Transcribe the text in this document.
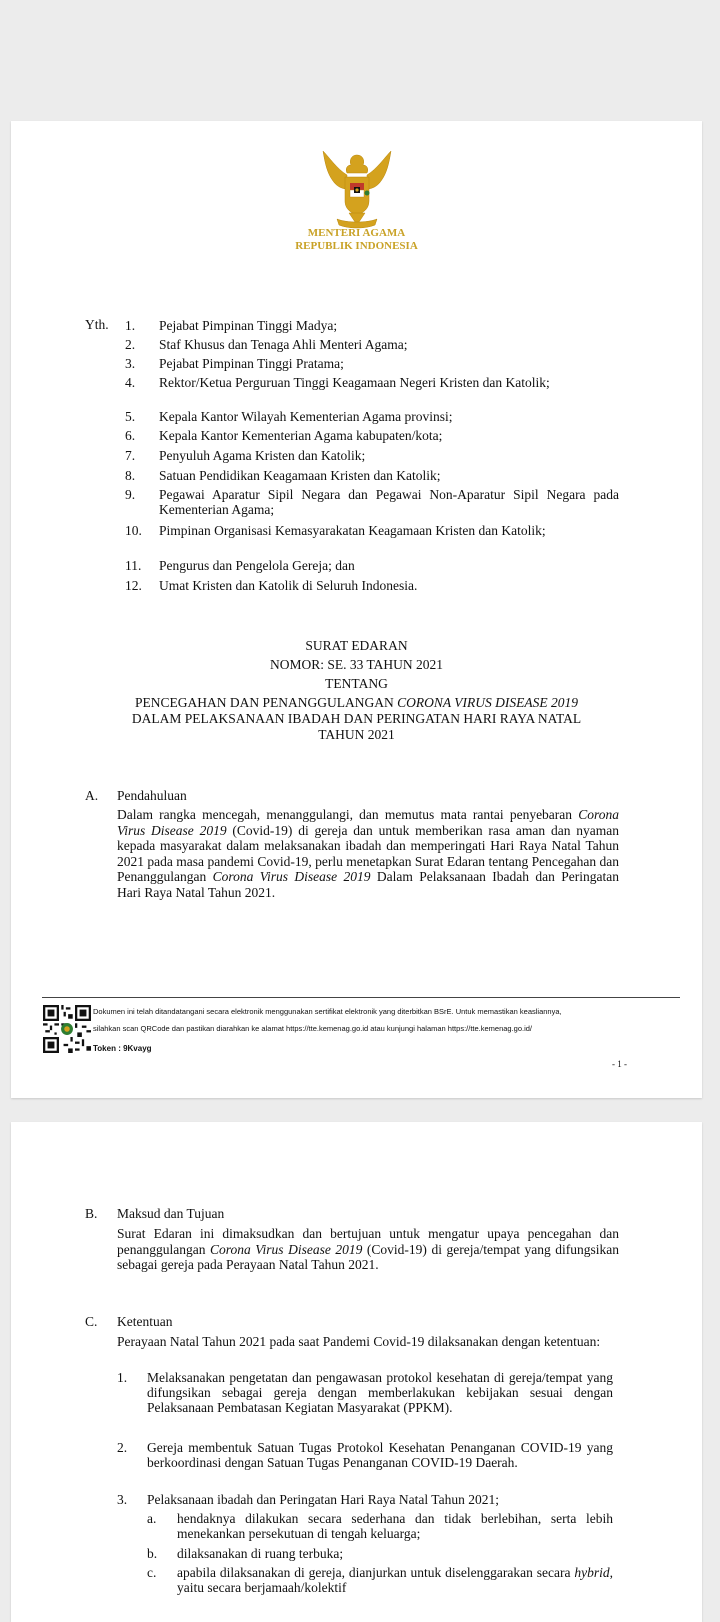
MENTERI AGAMA
REPUBLIK INDONESIA
Yth. 1.	Pejabat Pimpinan Tinggi Madya;
2.	Staf Khusus dan Tenaga Ahli Menteri Agama;
3.	Pejabat Pimpinan Tinggi Pratama;
4.	Rektor/Ketua Perguruan Tinggi Keagamaan Negeri Kristen dan Katolik;
5.	Kepala Kantor Wilayah Kementerian Agama provinsi;
6.	Kepala Kantor Kementerian Agama kabupaten/kota;
7.	Penyuluh Agama Kristen dan Katolik;
8.	Satuan Pendidikan Keagamaan Kristen dan Katolik;
9.	Pegawai Aparatur Sipil Negara dan Pegawai Non-Aparatur Sipil Negara pada Kementerian Agama;
10.	Pimpinan Organisasi Kemasyarakatan Keagamaan Kristen dan Katolik;
11.	Pengurus dan Pengelola Gereja; dan
12.	Umat Kristen dan Katolik di Seluruh Indonesia.
SURAT EDARAN
NOMOR: SE. 33 TAHUN 2021
TENTANG
PENCEGAHAN DAN PENANGGULANGAN CORONA VIRUS DISEASE 2019
DALAM PELAKSANAAN IBADAH DAN PERINGATAN HARI RAYA NATAL
TAHUN 2021
A. Pendahuluan
Dalam rangka mencegah, menanggulangi, dan memutus mata rantai penyebaran Corona Virus Disease 2019 (Covid-19) di gereja dan untuk memberikan rasa aman dan nyaman kepada masyarakat dalam melaksanakan ibadah dan memperingati Hari Raya Natal Tahun 2021 pada masa pandemi Covid-19, perlu menetapkan Surat Edaran tentang Pencegahan dan Penanggulangan Corona Virus Disease 2019 Dalam Pelaksanaan Ibadah dan Peringatan Hari Raya Natal Tahun 2021.
Dokumen ini telah ditandatangani secara elektronik menggunakan sertifikat elektronik yang diterbitkan BSrE. Untuk memastikan keasliannya,
silahkan scan QRCode dan pastikan diarahkan ke alamat https://tte.kemenag.go.id atau kunjungi halaman https://tte.kemenag.go.id/
Token : 9Kvayg
- 1 -
B. Maksud dan Tujuan
Surat Edaran ini dimaksudkan dan bertujuan untuk mengatur upaya pencegahan dan penanggulangan Corona Virus Disease 2019 (Covid-19) di gereja/tempat yang difungsikan sebagai gereja pada Perayaan Natal Tahun 2021.
C. Ketentuan
Perayaan Natal Tahun 2021 pada saat Pandemi Covid-19 dilaksanakan dengan ketentuan:
1.	Melaksanakan pengetatan dan pengawasan protokol kesehatan di gereja/tempat yang difungsikan sebagai gereja dengan memberlakukan kebijakan sesuai dengan Pelaksanaan Pembatasan Kegiatan Masyarakat (PPKM).
2.	Gereja membentuk Satuan Tugas Protokol Kesehatan Penanganan COVID-19 yang berkoordinasi dengan Satuan Tugas Penanganan COVID-19 Daerah.
3.	Pelaksanaan ibadah dan Peringatan Hari Raya Natal Tahun 2021;
a.	hendaknya dilakukan secara sederhana dan tidak berlebihan, serta lebih menekankan persekutuan di tengah keluarga;
b.	dilaksanakan di ruang terbuka;
c.	apabila dilaksanakan di gereja, dianjurkan untuk diselenggarakan secara hybrid, yaitu secara berjamaah/kolektif
